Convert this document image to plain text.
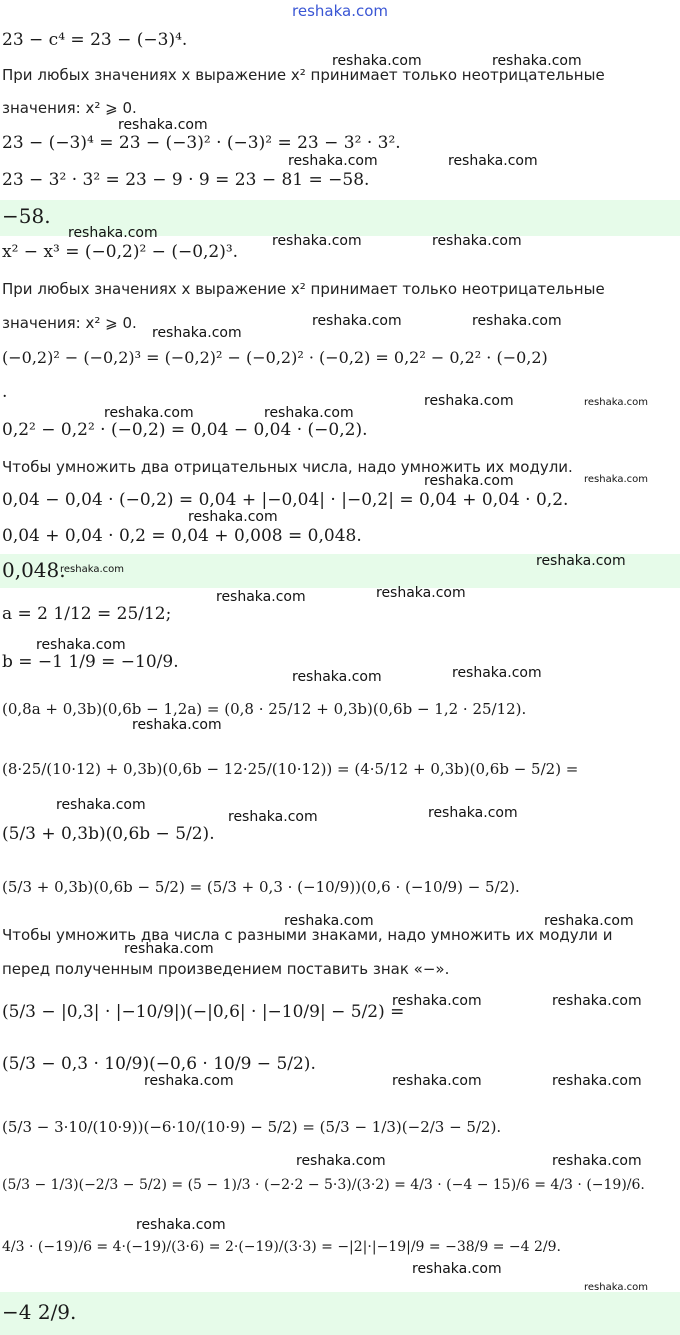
reshaka.com
23 − c⁴ = 23 − (−3)⁴.
При любых значениях x выражение x² принимает только неотрицательные
значения: x² ⩾ 0.
23 − (−3)⁴ = 23 − (−3)² · (−3)² = 23 − 3² · 3².
23 − 3² · 3² = 23 − 9 · 9 = 23 − 81 = −58.
−58.
x² − x³ = (−0,2)² − (−0,2)³.
При любых значениях x выражение x² принимает только неотрицательные
значения: x² ⩾ 0.
(−0,2)² − (−0,2)³ = (−0,2)² − (−0,2)² · (−0,2) = 0,2² − 0,2² · (−0,2)
.
0,2² − 0,2² · (−0,2) = 0,04 − 0,04 · (−0,2).
Чтобы умножить два отрицательных числа, надо умножить их модули.
0,04 − 0,04 · (−0,2) = 0,04 + |−0,04| · |−0,2| = 0,04 + 0,04 · 0,2.
0,04 + 0,04 · 0,2 = 0,04 + 0,008 = 0,048.
0,048.
a = 2 1/12 = 25/12;
b = −1 1/9 = −10/9.
(0,8a + 0,3b)(0,6b − 1,2a) = (0,8 · 25/12 + 0,3b)(0,6b − 1,2 · 25/12).
(8·25/(10·12) + 0,3b)(0,6b − 12·25/(10·12)) = (4·5/12 + 0,3b)(0,6b − 5/2) =
(5/3 + 0,3b)(0,6b − 5/2).
(5/3 + 0,3b)(0,6b − 5/2) = (5/3 + 0,3 · (−10/9))(0,6 · (−10/9) − 5/2).
Чтобы умножить два числа с разными знаками, надо умножить их модули и
перед полученным произведением поставить знак «−».
(5/3 − |0,3| · |−10/9|)(−|0,6| · |−10/9| − 5/2) =
(5/3 − 0,3 · 10/9)(−0,6 · 10/9 − 5/2).
(5/3 − 3·10/(10·9))(−6·10/(10·9) − 5/2) = (5/3 − 1/3)(−2/3 − 5/2).
(5/3 − 1/3)(−2/3 − 5/2) = (5 − 1)/3 · (−2·2 − 5·3)/(3·2) = 4/3 · (−4 − 15)/6 = 4/3 · (−19)/6.
4/3 · (−19)/6 = 4·(−19)/(3·6) = 2·(−19)/(3·3) = −|2|·|−19|/9 = −38/9 = −4 2/9.
−4 2/9.
reshaka.com	reshaka.com
reshaka.com
reshaka.com	reshaka.com
reshaka.com	reshaka.com	reshaka.com
reshaka.com	reshaka.com
reshaka.com
reshaka.com	reshaka.com
reshaka.com	reshaka.com
reshaka.com	reshaka.com
reshaka.com
reshaka.com
reshaka.com
reshaka.com	reshaka.com
reshaka.com
reshaka.com	reshaka.com
reshaka.com
reshaka.com	reshaka.com
reshaka.com
reshaka.com	reshaka.com
reshaka.com
reshaka.com	reshaka.com
reshaka.com	reshaka.com	reshaka.com
reshaka.com	reshaka.com
reshaka.com
reshaka.com
reshaka.com
